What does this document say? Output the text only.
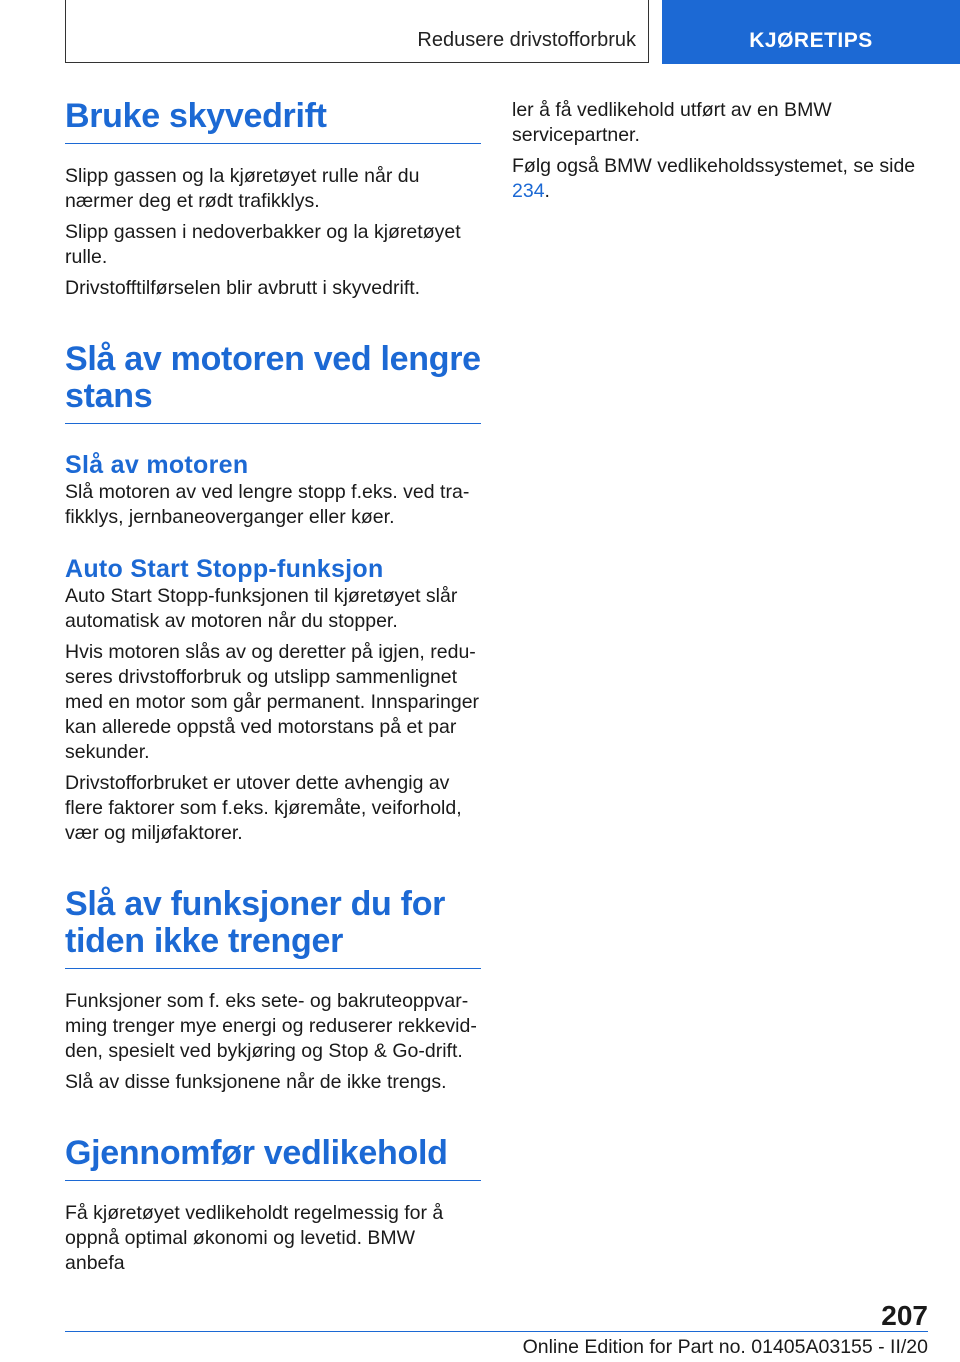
Redusere drivstofforbruk	KJØRETIPS
Bruke skyvedrift

Slipp gassen og la kjøretøyet rulle når du nærmer deg et rødt trafikklys.

Slipp gassen i nedoverbakker og la kjøretøyet rulle.

Drivstofftilførselen blir avbrutt i skyvedrift.

Slå av motoren ved lengre
stans
Slå av motoren

Slå motoren av ved lengre stopp f.eks. ved trafikklys, jernbaneoverganger eller køer.

Auto Start Stopp-funksjon

Auto Start Stopp-funksjonen til kjøretøyet slår automatisk av motoren når du stopper.

Hvis motoren slås av og deretter på igjen, reduseres drivstofforbruk og utslipp sammenlignet med en motor som går permanent. Innsparinger kan allerede oppstå ved motorstans på et par sekunder.

Drivstofforbruket er utover dette avhengig av flere faktorer som f.eks. kjøremåte, veiforhold, vær og miljøfaktorer.

Slå av funksjoner du for
tiden ikke trenger

Funksjoner som f. eks sete- og bakruteoppvarming trenger mye energi og reduserer rekkevidden, spesielt ved bykjøring og Stop & Go-drift.

Slå av disse funksjonene når de ikke trengs.

Gjennomfør vedlikehold

Få kjøretøyet vedlikeholdt regelmessig for å oppnå optimal økonomi og levetid. BMW anbefa

ler å få vedlikehold utført av en BMW servicepartner.

Følg også BMW vedlikeholdssystemet, se side 234.

207
Online Edition for Part no. 01405A03155 - II/20
